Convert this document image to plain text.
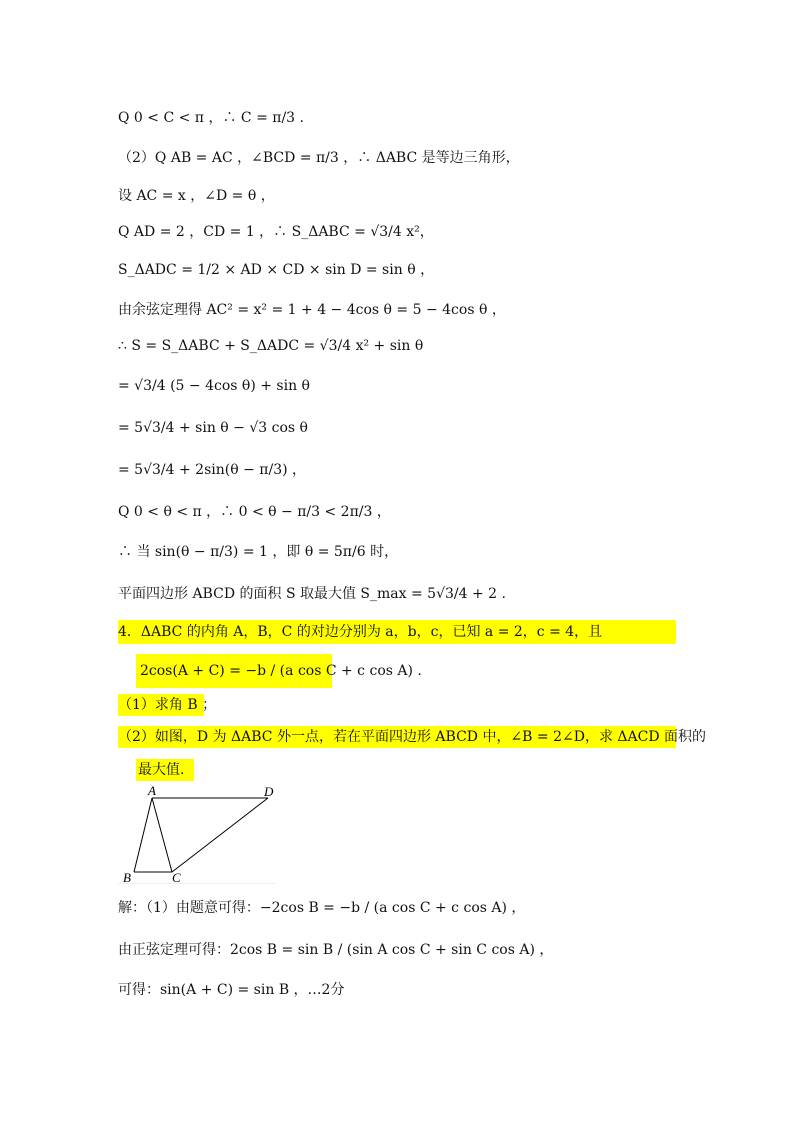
Q 0 < C < π ，∴ C = π/3 .
（2）Q AB = AC ，∠BCD = π/3 ，∴ ΔABC 是等边三角形，
设 AC = x ，∠D = θ ，
Q AD = 2 ，CD = 1 ，∴ S_ΔABC = √3/4 x²，
S_ΔADC = 1/2 × AD × CD × sin D = sin θ ，
由余弦定理得 AC² = x² = 1 + 4 − 4cos θ = 5 − 4cos θ ，
∴ S = S_ΔABC + S_ΔADC = √3/4 x² + sin θ
= √3/4 (5 − 4cos θ) + sin θ
= 5√3/4 + sin θ − √3 cos θ
= 5√3/4 + 2sin(θ − π/3) ，
Q 0 < θ < π ，∴ 0 < θ − π/3 < 2π/3 ，
∴ 当 sin(θ − π/3) = 1 ，即 θ = 5π/6 时，
平面四边形 ABCD 的面积 S 取最大值 S_max = 5√3/4 + 2 .
4．ΔABC 的内角 A，B，C 的对边分别为 a，b，c，已知 a = 2，c = 4，且
2cos(A + C) = −b / (a cos C + c cos A) .
（1）求角 B ；
（2）如图，D 为 ΔABC 外一点，若在平面四边形 ABCD 中，∠B = 2∠D，求 ΔACD 面积的
最大值.
A	D
B	C
解：（1）由题意可得：−2cos B = −b / (a cos C + c cos A) ，
由正弦定理可得：2cos B = sin B / (sin A cos C + sin C cos A) ，
可得：sin(A + C) = sin B ，…2分
